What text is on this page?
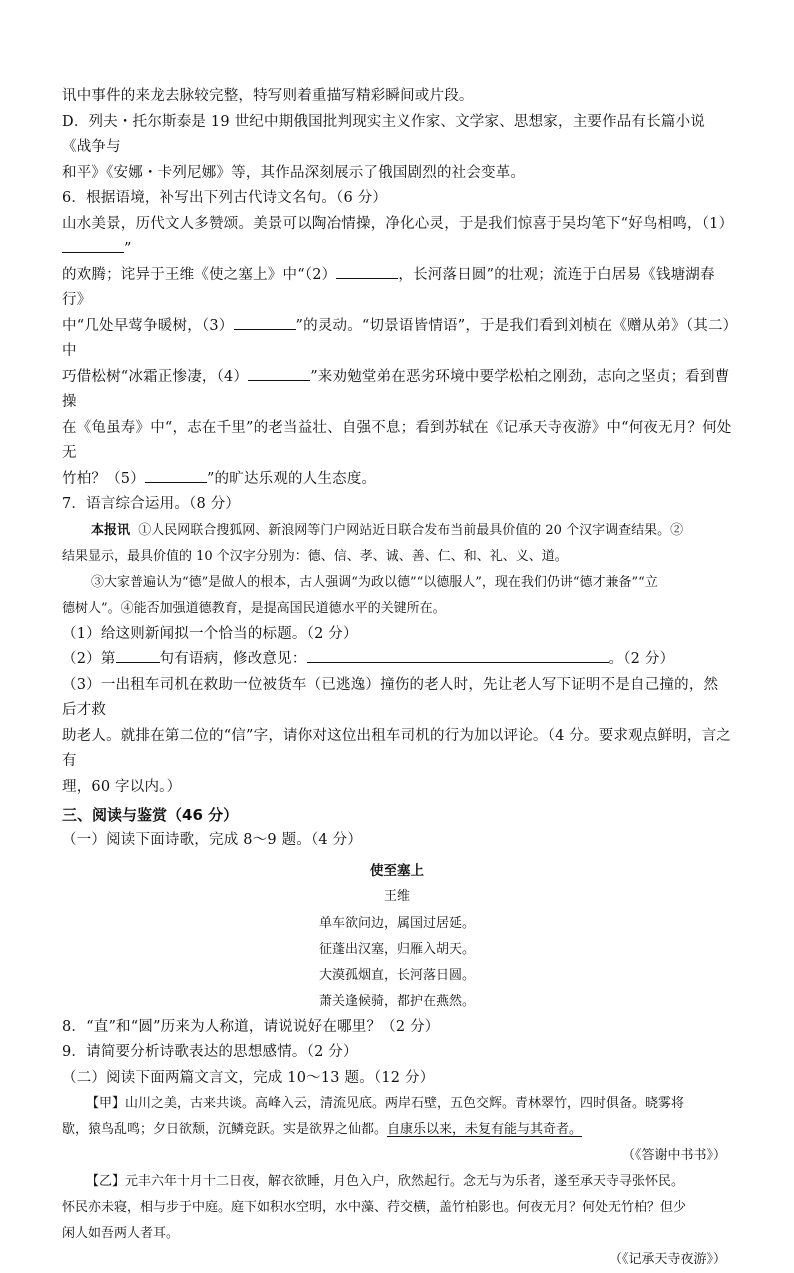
讯中事件的来龙去脉较完整，特写则着重描写精彩瞬间或片段。

D．列夫・托尔斯泰是 19 世纪中期俄国批判现实主义作家、文学家、思想家，主要作品有长篇小说《战争与

和平》《安娜・卡列尼娜》等，其作品深刻展示了俄国剧烈的社会变革。

6．根据语境，补写出下列古代诗文名句。（6 分）

山水美景，历代文人多赞颂。美景可以陶冶情操，净化心灵，于是我们惊喜于吴均笔下“好鸟相鸣，（1）”

的欢腾；诧异于王维《使之塞上》中“（2）	，长河落日圆”的壮观；流连于白居易《钱塘湖春行》

中“几处早莺争暖树，（3）	”的灵动。“切景语皆情语”，于是我们看到刘桢在《赠从弟》（其二）中

巧借松树“冰霜正惨凄，（4）	”来劝勉堂弟在恶劣环境中要学松柏之刚劲，志向之坚贞；看到曹操

在《龟虽寿》中“，志在千里”的老当益壮、自强不息；看到苏轼在《记承天寺夜游》中“何夜无月？何处无

竹柏？（5）	”的旷达乐观的人生态度。

7．语言综合运用。（8 分）

本报讯 ①人民网联合搜狐网、新浪网等门户网站近日联合发布当前最具价值的 20 个汉字调查结果。②

结果显示，最具价值的 10 个汉字分别为：德、信、孝、诚、善、仁、和、礼、义、道。

③大家普遍认为“德”是做人的根本，古人强调“为政以德”“以德服人”，现在我们仍讲“德才兼备”“立

德树人”。④能否加强道德教育，是提高国民道德水平的关键所在。

（1）给这则新闻拟一个恰当的标题。（2 分）

（2）第	句有语病，修改意见：	。（2 分）

（3）一出租车司机在救助一位被货车（已逃逸）撞伤的老人时，先让老人写下证明不是自己撞的，然后才救

助老人。就排在第二位的“信”字，请你对这位出租车司机的行为加以评论。（4 分。要求观点鲜明，言之有

理，60 字以内。）

三、阅读与鉴赏（46 分）

（一）阅读下面诗歌，完成 8～9 题。（4 分）

使至塞上

王维

单车欲问边，属国过居延。

征蓬出汉塞，归雁入胡天。

大漠孤烟直，长河落日圆。

萧关逢候骑，都护在燕然。

8．“直”和“圆”历来为人称道，请说说好在哪里？（2 分）

9．请简要分析诗歌表达的思想感情。（2 分）

（二）阅读下面两篇文言文，完成 10～13 题。（12 分）

【甲】山川之美，古来共谈。高峰入云，清流见底。两岸石壁，五色交辉。青林翠竹，四时俱备。晓雾将

歇，猿鸟乱鸣；夕日欲颓，沉鳞竞跃。实是欲界之仙都。自康乐以来，未复有能与其奇者。

（《答谢中书书》）

【乙】元丰六年十月十二日夜，解衣欲睡，月色入户，欣然起行。念无与为乐者，遂至承天寺寻张怀民。

怀民亦未寝，相与步于中庭。庭下如积水空明，水中藻、荇交横，盖竹柏影也。何夜无月？何处无竹柏？但少

闲人如吾两人者耳。

（《记承天寺夜游》）
